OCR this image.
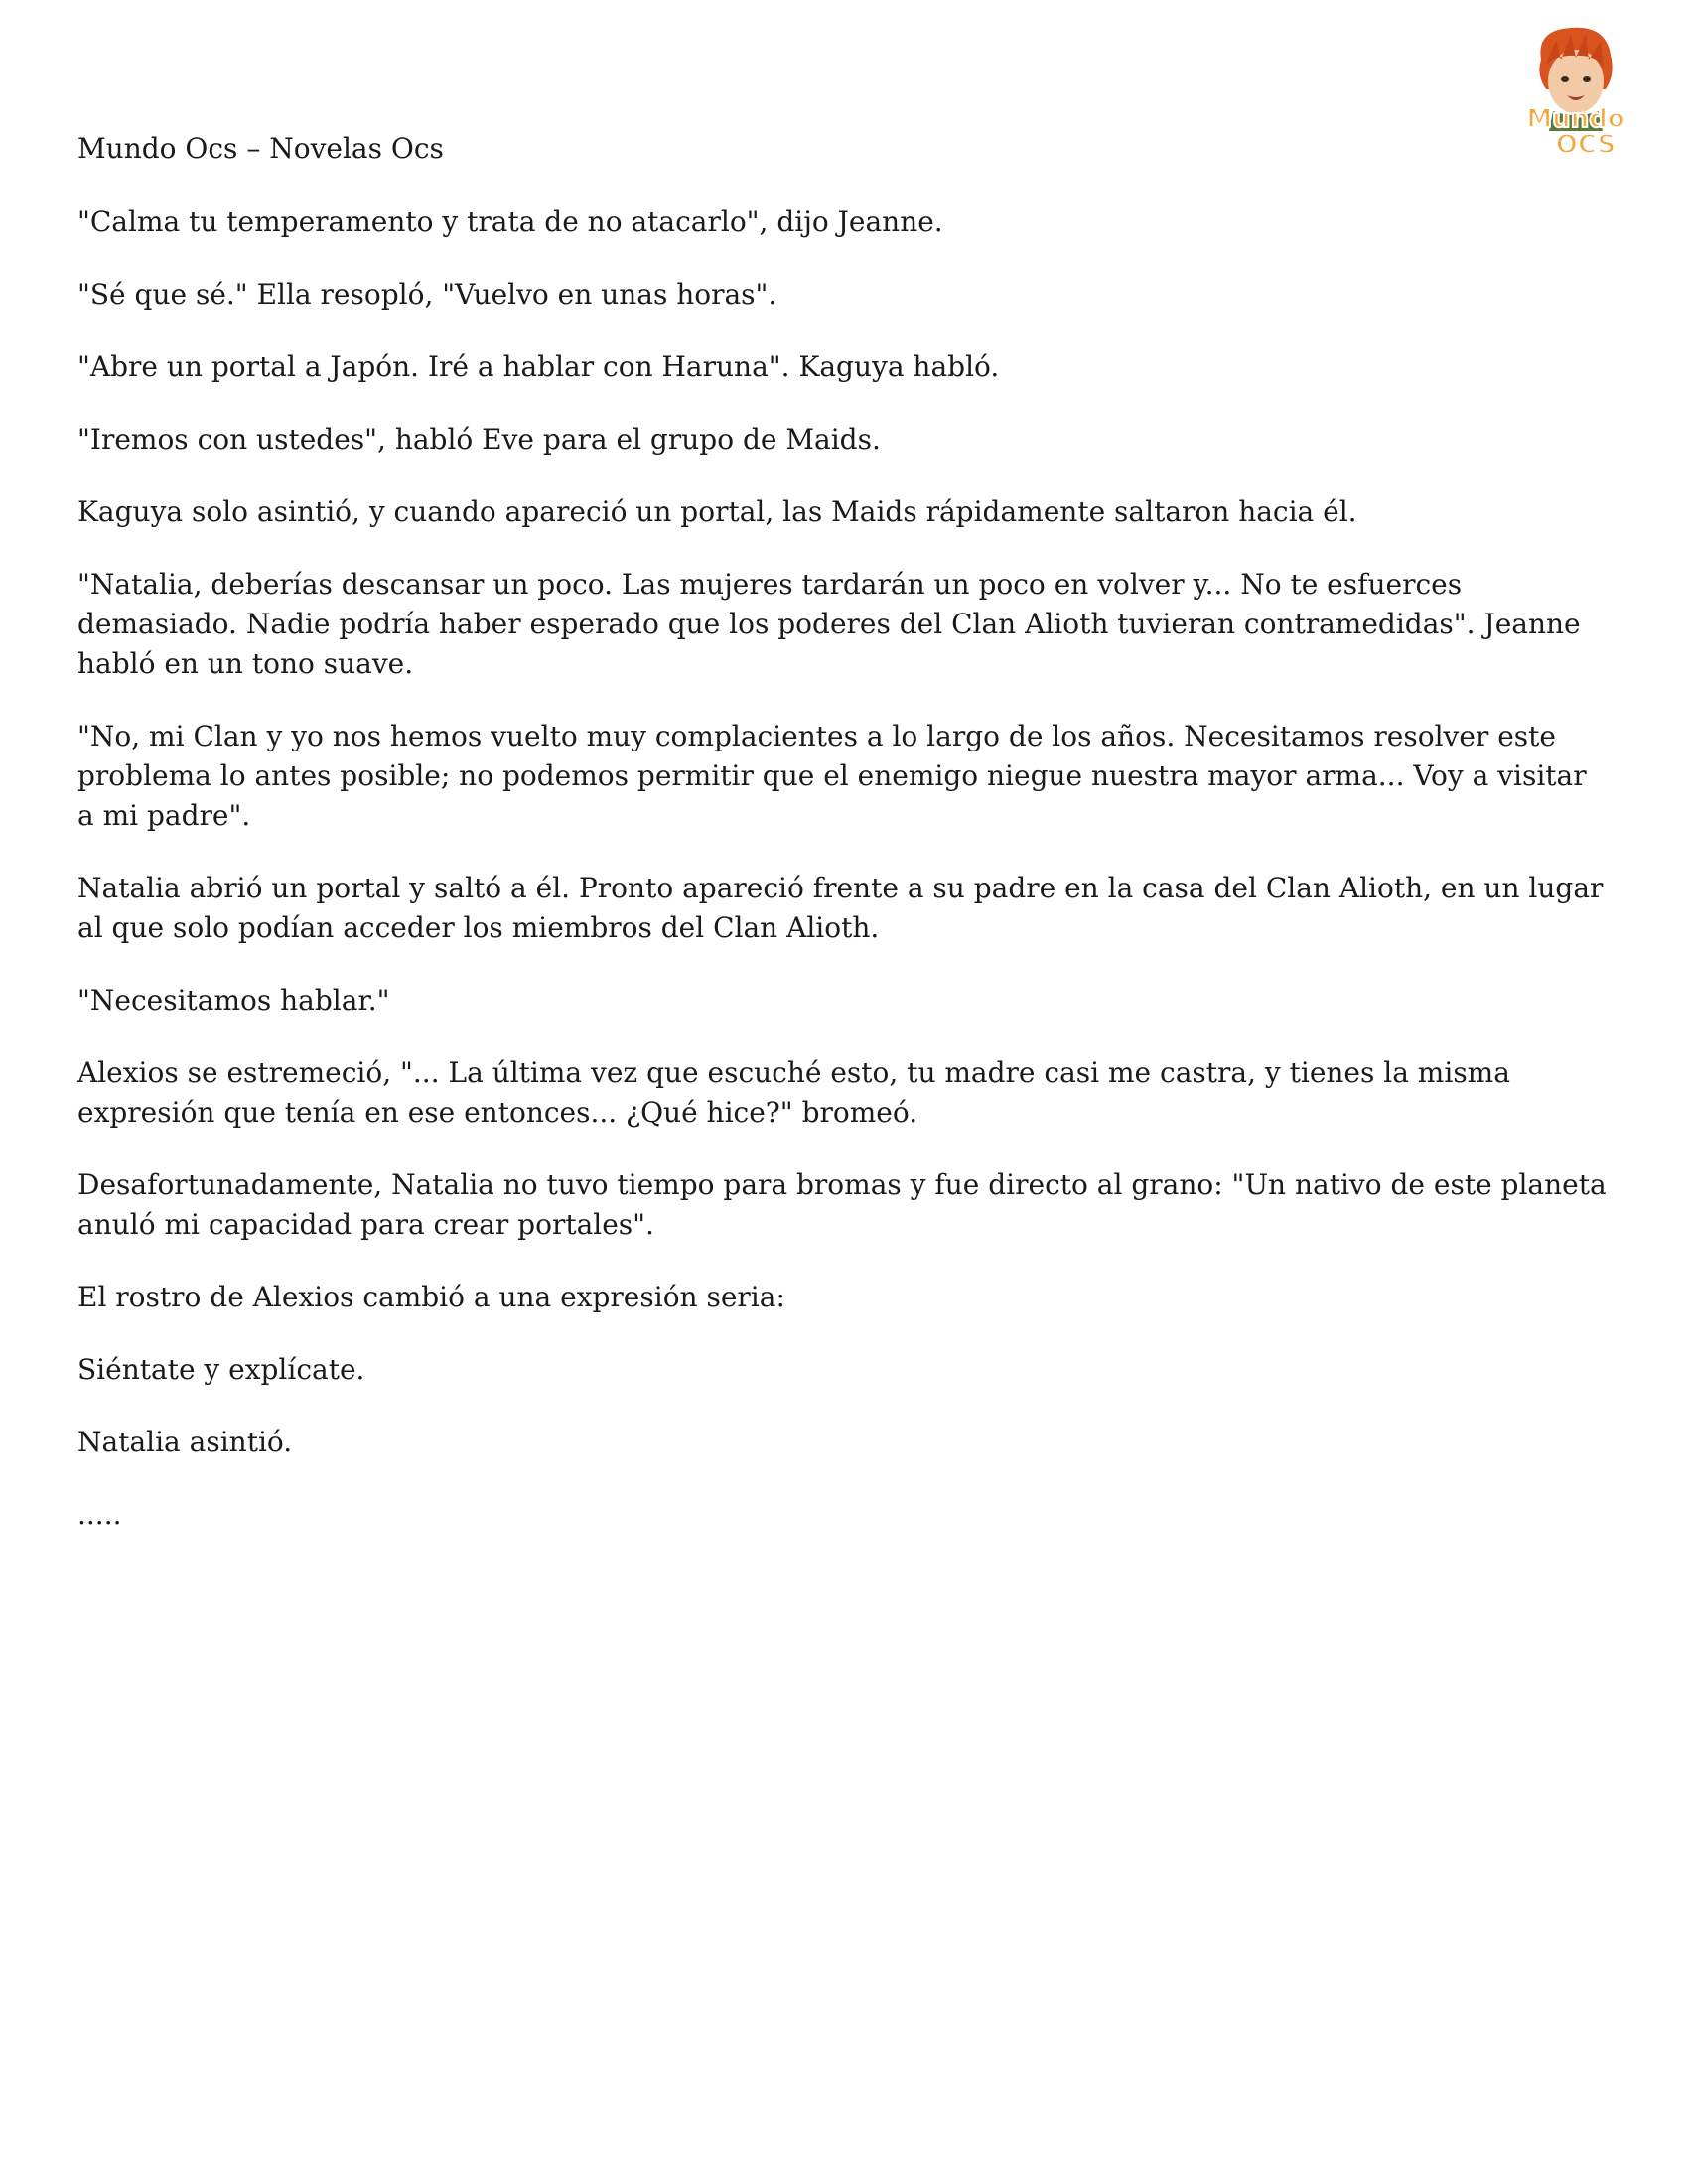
Mundo
OCS

Mundo Ocs – Novelas Ocs

"Calma tu temperamento y trata de no atacarlo", dijo Jeanne.

"Sé que sé." Ella resopló, "Vuelvo en unas horas".

"Abre un portal a Japón. Iré a hablar con Haruna". Kaguya habló.

"Iremos con ustedes", habló Eve para el grupo de Maids.

Kaguya solo asintió, y cuando apareció un portal, las Maids rápidamente saltaron hacia él.

"Natalia, deberías descansar un poco. Las mujeres tardarán un poco en volver y... No te esfuerces demasiado. Nadie podría haber esperado que los poderes del Clan Alioth tuvieran contramedidas". Jeanne habló en un tono suave.

"No, mi Clan y yo nos hemos vuelto muy complacientes a lo largo de los años. Necesitamos resolver este problema lo antes posible; no podemos permitir que el enemigo niegue nuestra mayor arma... Voy a visitar a mi padre".

Natalia abrió un portal y saltó a él. Pronto apareció frente a su padre en la casa del Clan Alioth, en un lugar al que solo podían acceder los miembros del Clan Alioth.

"Necesitamos hablar."

Alexios se estremeció, "... La última vez que escuché esto, tu madre casi me castra, y tienes la misma expresión que tenía en ese entonces... ¿Qué hice?" bromeó.

Desafortunadamente, Natalia no tuvo tiempo para bromas y fue directo al grano: "Un nativo de este planeta anuló mi capacidad para crear portales".

El rostro de Alexios cambió a una expresión seria:

Siéntate y explícate.

Natalia asintió.

.....
